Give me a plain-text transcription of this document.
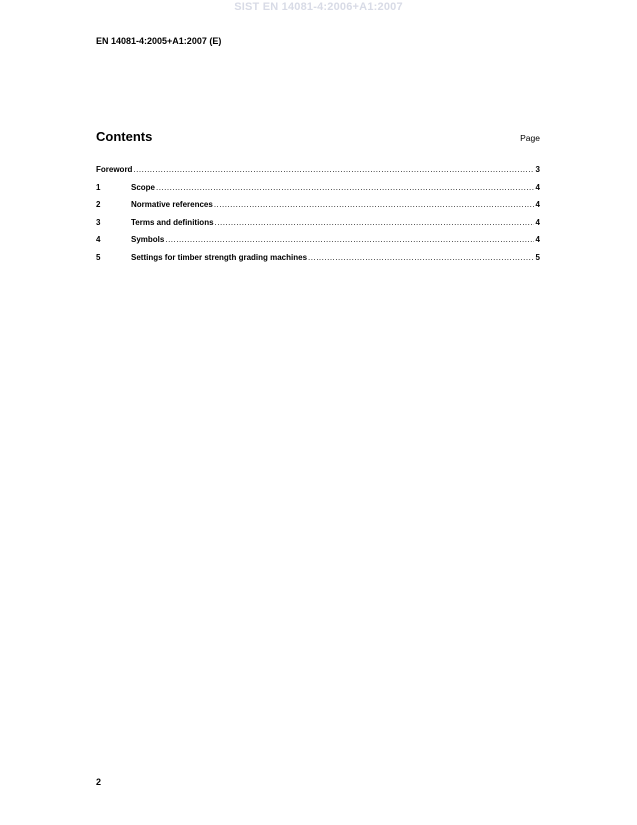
SIST EN 14081-4:2006+A1:2007
EN 14081-4:2005+A1:2007 (E)
Contents	Page
Foreword .....	3
1	Scope .....	4
2	Normative references .....	4
3	Terms and definitions .....	4
4	Symbols .....	4
5	Settings for timber strength grading machines .....	5
2
